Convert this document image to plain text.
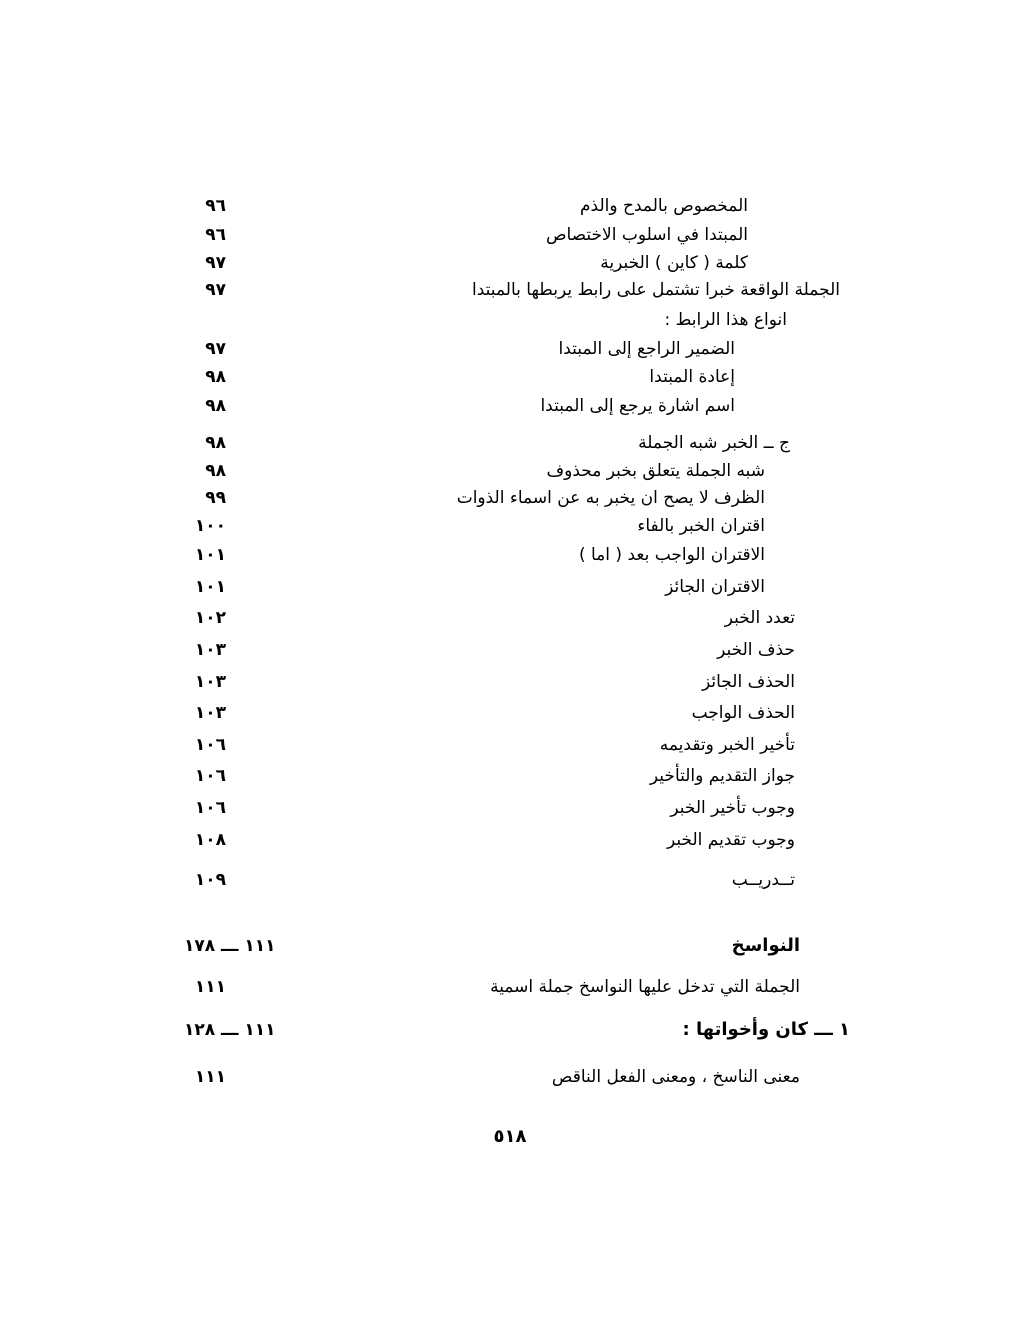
المخصوص بالمدح والذم
٩٦
المبتدا في اسلوب الاختصاص
٩٦
كلمة ( كاين ) الخبرية
٩٧
الجملة الواقعة خبرا تشتمل على رابط يربطها بالمبتدا
٩٧
انواع هذا الرابط :
الضمير الراجع إلى المبتدا
٩٧
إعادة المبتدا
٩٨
اسم اشارة يرجع إلى المبتدا
٩٨
ج ــ الخبر شبه الجملة
٩٨
شبه الجملة يتعلق بخبر محذوف
٩٨
الظرف لا يصح ان يخبر به عن اسماء الذوات
٩٩
اقتران الخبر بالفاء
١٠٠
الاقتران الواجب بعد ( اما )
١٠١
الاقتران الجائز
١٠١
تعدد الخبر
١٠٢
حذف الخبر
١٠٣
الحذف الجائز
١٠٣
الحذف الواجب
١٠٣
تأخير الخبر وتقديمه
١٠٦
جواز التقديم والتأخير
١٠٦
وجوب تأخير الخبر
١٠٦
وجوب تقديم الخبر
١٠٨
تــدريــب
١٠٩
النواسخ
١١١ ـــ ١٧٨
الجملة التي تدخل عليها النواسخ جملة اسمية
١١١
١ ـــ كان وأخواتها :
١١١ ـــ ١٢٨
معنى الناسخ ، ومعنى الفعل الناقص
١١١
٥١٨
